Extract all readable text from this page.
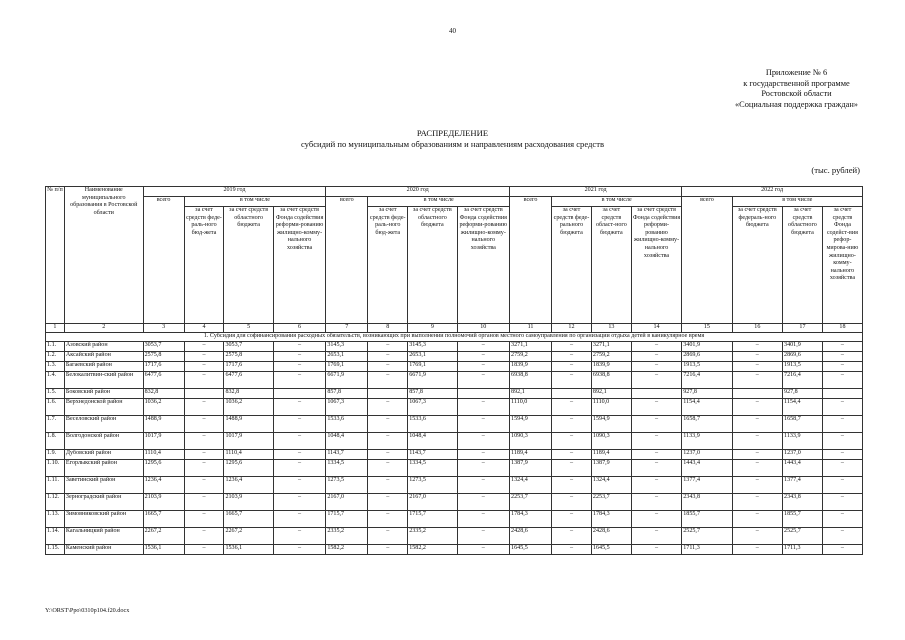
40
Приложение № 6
к государственной программе
Ростовской области
«Социальная поддержка граждан»
РАСПРЕДЕЛЕНИЕ
субсидий по муниципальным образованиям и направлениям расходования средств
(тыс. рублей)
№ п/п	Наименование муниципального образования в Ростовской области	2019 год				2020 год				2021 год				2022 год			
		всего	в том числе			всего	в том числе			всего	в том числе			всего	в том числе		
			за счет средств феде-раль-ного бюд-жета	за счет средств областного бюджета	за счет средств Фонда содействия реформи-рованию жилищно-комму-нального хозяйства		за счет средств феде-раль-ного бюд-жета	за счет средств областного бюджета	за счет средств Фонда содействия реформи-рованию жилищно-комму-нального хозяйства		за счет средств феде-рального бюджета	за счет средств област-ного бюджета	за счет средств Фонда содействия реформи-рованию жилищно-комму-нального хозяйства		за счет средств федераль-ного бюджета	за счет средств областного бюджета	за счет средств Фонда содейст-вия рефор-мирова-нию жилищно-комму-нального хозяйства
1	2	3	4	5	6	7	8	9	10	11	12	13	14	15	16	17	18
1. Субсидия для софинансирования расходных обязательств, возникающих при выполнении полномочий органов местного самоуправления по организации отдыха детей в каникулярное время																	
1.1.	Азовский район	3053,7	–	3053,7	–	3145,3	–	3145,3	–	3271,1	–	3271,1	–	3401,9	–	3401,9	–
1.2.	Аксайский район	2575,8	–	2575,8	–	2653,1	–	2653,1	–	2759,2	–	2759,2	–	2869,6	–	2869,6	–
1.3.	Багаевский район	1717,6	–	1717,6	–	1769,1	–	1769,1	–	1839,9	–	1839,9	–	1913,5	–	1913,5	–
1.4.	Белокалитвин-ский район	6477,6	–	6477,6	–	6671,9	–	6671,9	–	6938,8	–	6938,8	–	7216,4	–	7216,4	–
1.5.	Боковский район	832,8		832,8		857,8		857,8		892,1		892,1		927,8		927,8	
1.6.	Верхнедонской район	1036,2	–	1036,2	–	1067,3	–	1067,3	–	1110,0	–	1110,0	–	1154,4	–	1154,4	–
1.7.	Веселовский район	1488,9	–	1488,9	–	1533,6	–	1533,6	–	1594,9	–	1594,9	–	1658,7	–	1658,7	–
1.8.	Волгодонской район	1017,9	–	1017,9	–	1048,4	–	1048,4	–	1090,3	–	1090,3	–	1133,9	–	1133,9	–
1.9.	Дубовский район	1110,4	–	1110,4	–	1143,7	–	1143,7	–	1189,4	–	1189,4	–	1237,0	–	1237,0	–
1.10.	Егорлыкский район	1295,6	–	1295,6	–	1334,5	–	1334,5	–	1387,9	–	1387,9	–	1443,4	–	1443,4	–
1.11.	Заветинский район	1236,4	–	1236,4	–	1273,5	–	1273,5	–	1324,4	–	1324,4	–	1377,4	–	1377,4	–
1.12.	Зерноградский район	2103,9	–	2103,9	–	2167,0	–	2167,0	–	2253,7	–	2253,7	–	2343,8	–	2343,8	–
1.13.	Зимовниковский район	1665,7	–	1665,7	–	1715,7	–	1715,7	–	1784,3	–	1784,3	–	1855,7	–	1855,7	–
1.14.	Кагальницкий район	2267,2	–	2267,2	–	2335,2	–	2335,2	–	2428,6	–	2428,6	–	2525,7	–	2525,7	–
1.15.	Каменский район	1536,1	–	1536,1	–	1582,2	–	1582,2	–	1645,5	–	1645,5	–	1711,3	–	1711,3	–
Y:\ORST\Ppo\0310p104.f20.docx
